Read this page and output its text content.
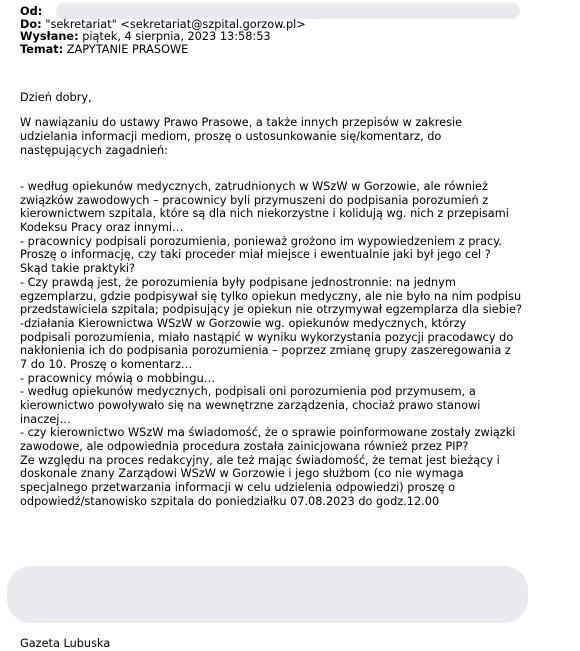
Od:
Do: "sekretariat" <sekretariat@szpital.gorzow.pl>
Wysłane: piątek, 4 sierpnia, 2023 13:58:53
Temat: ZAPYTANIE PRASOWE
Dzień dobry,
W nawiązaniu do ustawy Prawo Prasowe, a także innych przepisów w zakresie
udzielania informacji mediom, proszę o ustosunkowanie się/komentarz, do
następujących zagadnień:
- według opiekunów medycznych, zatrudnionych w WSzW w Gorzowie, ale również
związków zawodowych – pracownicy byli przymuszeni do podpisania porozumień z
kierownictwem szpitala, które są dla nich niekorzystne i kolidują wg. nich z przepisami
Kodeksu Pracy oraz innymi…
- pracownicy podpisali porozumienia, ponieważ grożono im wypowiedzeniem z pracy.
Proszę o informację, czy taki proceder miał miejsce i ewentualnie jaki był jego cel ?
Skąd takie praktyki?
- Czy prawdą jest, że porozumienia były podpisane jednostronnie: na jednym
egzemplarzu, gdzie podpisywał się tylko opiekun medyczny, ale nie było na nim podpisu
przedstawiciela szpitala; podpisujący je opiekun nie otrzymywał egzemplarza dla siebie?
-działania Kierownictwa WSzW w Gorzowie wg. opiekunów medycznych, którzy
podpisali porozumienia, miało nastąpić w wyniku wykorzystania pozycji pracodawcy do
nakłonienia ich do podpisania porozumienia – poprzez zmianę grupy zaszeregowania z
7 do 10. Proszę o komentarz…
- pracownicy mówią o mobbingu…
- według opiekunów medycznych, podpisali oni porozumienia pod przymusem, a
kierownictwo powoływało się na wewnętrzne zarządzenia, chociaż prawo stanowi
inaczej…
- czy kierownictwo WSzW ma świadomość, że o sprawie poinformowane zostały związki
zawodowe, ale odpowiednia procedura została zainicjowana również przez PIP?
Ze względu na proces redakcyjny, ale też mając świadomość, że temat jest bieżący i
doskonale znany Zarządowi WSzW w Gorzowie i jego służbom (co nie wymaga
specjalnego przetwarzania informacji w celu udzielenia odpowiedzi) proszę o
odpowiedź/stanowisko szpitala do poniedziałku 07.08.2023 do godz.12.00
Gazeta Lubuska
